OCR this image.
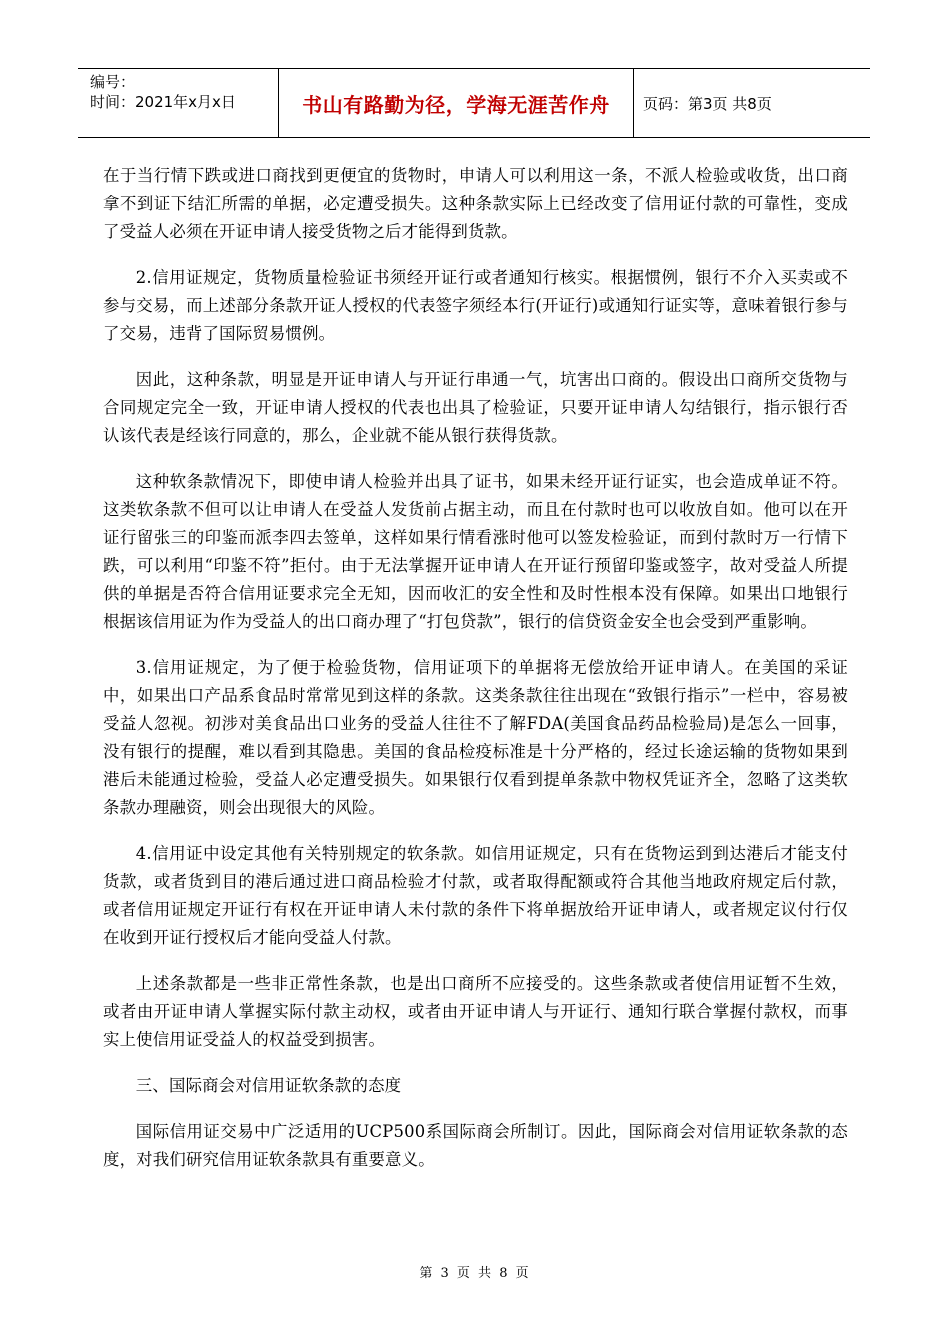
编号：
时间：2021年x月x日	书山有路勤为径，学海无涯苦作舟 页码：第3页 共8页

在于当行情下跌或进口商找到更便宜的货物时，申请人可以利用这一条，不派人检验或收货，出口商拿不到证下结汇所需的单据，必定遭受损失。这种条款实际上已经改变了信用证付款的可靠性，变成了受益人必须在开证申请人接受货物之后才能得到货款。

2.信用证规定，货物质量检验证书须经开证行或者通知行核实。根据惯例，银行不介入买卖或不参与交易，而上述部分条款开证人授权的代表签字须经本行(开证行)或通知行证实等，意味着银行参与了交易，违背了国际贸易惯例。

因此，这种条款，明显是开证申请人与开证行串通一气，坑害出口商的。假设出口商所交货物与合同规定完全一致，开证申请人授权的代表也出具了检验证，只要开证申请人勾结银行，指示银行否认该代表是经该行同意的，那么，企业就不能从银行获得货款。

这种软条款情况下，即使申请人检验并出具了证书，如果未经开证行证实，也会造成单证不符。这类软条款不但可以让申请人在受益人发货前占据主动，而且在付款时也可以收放自如。他可以在开证行留张三的印鉴而派李四去签单，这样如果行情看涨时他可以签发检验证，而到付款时万一行情下跌，可以利用“印鉴不符”拒付。由于无法掌握开证申请人在开证行预留印鉴或签字，故对受益人所提供的单据是否符合信用证要求完全无知，因而收汇的安全性和及时性根本没有保障。如果出口地银行根据该信用证为作为受益人的出口商办理了“打包贷款”，银行的信贷资金安全也会受到严重影响。

3.信用证规定，为了便于检验货物，信用证项下的单据将无偿放给开证申请人。在美国的采证中，如果出口产品系食品时常常见到这样的条款。这类条款往往出现在“致银行指示”一栏中，容易被受益人忽视。初涉对美食品出口业务的受益人往往不了解FDA(美国食品药品检验局)是怎么一回事，没有银行的提醒，难以看到其隐患。美国的食品检疫标准是十分严格的，经过长途运输的货物如果到港后未能通过检验，受益人必定遭受损失。如果银行仅看到提单条款中物权凭证齐全，忽略了这类软条款办理融资，则会出现很大的风险。

4.信用证中设定其他有关特别规定的软条款。如信用证规定，只有在货物运到到达港后才能支付货款，或者货到目的港后通过进口商品检验才付款，或者取得配额或符合其他当地政府规定后付款，或者信用证规定开证行有权在开证申请人未付款的条件下将单据放给开证申请人，或者规定议付行仅在收到开证行授权后才能向受益人付款。

上述条款都是一些非正常性条款，也是出口商所不应接受的。这些条款或者使信用证暂不生效，或者由开证申请人掌握实际付款主动权，或者由开证申请人与开证行、通知行联合掌握付款权，而事实上使信用证受益人的权益受到损害。

三、国际商会对信用证软条款的态度

国际信用证交易中广泛适用的UCP500系国际商会所制订。因此，国际商会对信用证软条款的态度，对我们研究信用证软条款具有重要意义。

第 3 页 共 8 页
